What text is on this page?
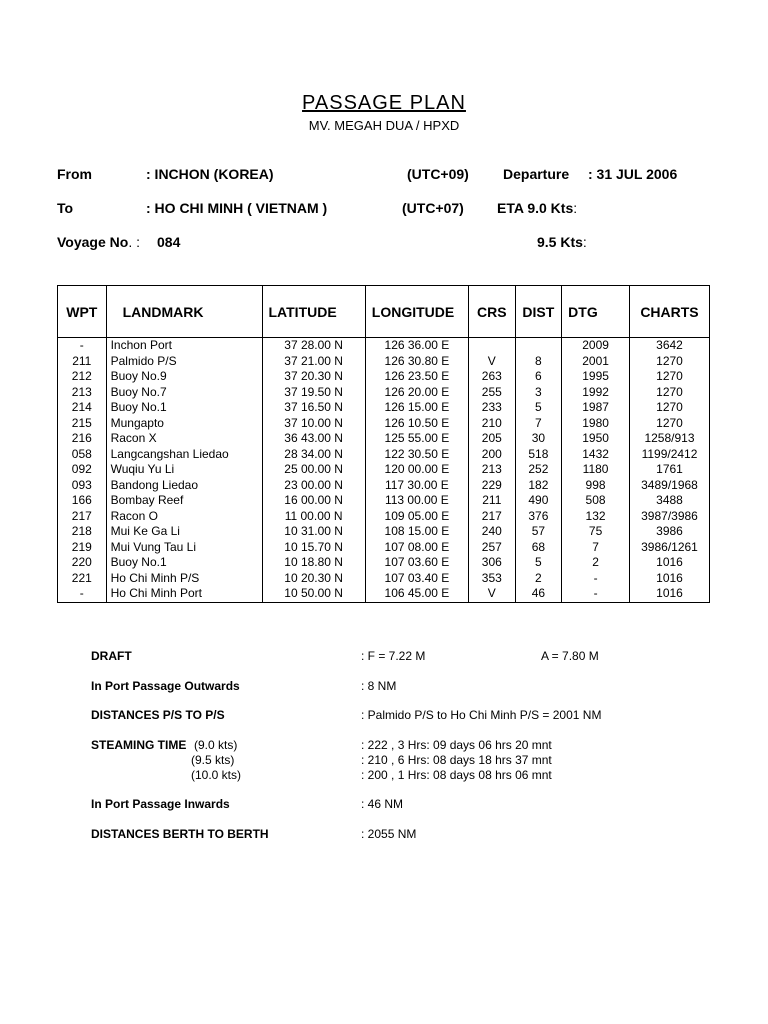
PASSAGE PLAN
MV. MEGAH DUA / HPXD
From	: INCHON (KOREA)	(UTC+09) Departure : 31 JUL 2006
To	: HO CHI MINH ( VIETNAM )	(UTC+07) ETA 9.0 Kts:
Voyage No. : 084	9.5 Kts:
WPT	LANDMARK	LATITUDE	LONGITUDE	CRS	DIST	DTG	CHARTS
-	Inchon Port	37 28.00 N	126 36.00 E			2009	3642
211	Palmido P/S	37 21.00 N	126 30.80 E	V	8	2001	1270
212	Buoy No.9	37 20.30 N	126 23.50 E	263	6	1995	1270
213	Buoy No.7	37 19.50 N	126 20.00 E	255	3	1992	1270
214	Buoy No.1	37 16.50 N	126 15.00 E	233	5	1987	1270
215	Mungapto	37 10.00 N	126 10.50 E	210	7	1980	1270
216	Racon X	36 43.00 N	125 55.00 E	205	30	1950	1258/913
058	Langcangshan Liedao	28 34.00 N	122 30.50 E	200	518	1432	1199/2412
092	Wuqiu Yu Li	25 00.00 N	120 00.00 E	213	252	1180	1761
093	Bandong Liedao	23 00.00 N	117 30.00 E	229	182	998	3489/1968
166	Bombay Reef	16 00.00 N	113 00.00 E	211	490	508	3488
217	Racon O	11 00.00 N	109 05.00 E	217	376	132	3987/3986
218	Mui Ke Ga Li	10 31.00 N	108 15.00 E	240	57	75	3986
219	Mui Vung Tau Li	10 15.70 N	107 08.00 E	257	68	7	3986/1261
220	Buoy No.1	10 18.80 N	107 03.60 E	306	5	2	1016
221	Ho Chi Minh P/S	10 20.30 N	107 03.40 E	353	2	-	1016
-	Ho Chi Minh Port	10 50.00 N	106 45.00 E	V	46	-	1016
DRAFT	: F = 7.22 M	A = 7.80 M
In Port Passage Outwards	: 8 NM
DISTANCES P/S TO P/S	: Palmido P/S to Ho Chi Minh P/S = 2001 NM
STEAMING TIME (9.0 kts)	: 222 , 3 Hrs: 09 days 06 hrs 20 mnt
(9.5 kts)	: 210 , 6 Hrs: 08 days 18 hrs 37 mnt
(10.0 kts)	: 200 , 1 Hrs: 08 days 08 hrs 06 mnt
In Port Passage Inwards	: 46 NM
DISTANCES BERTH TO BERTH	: 2055 NM
